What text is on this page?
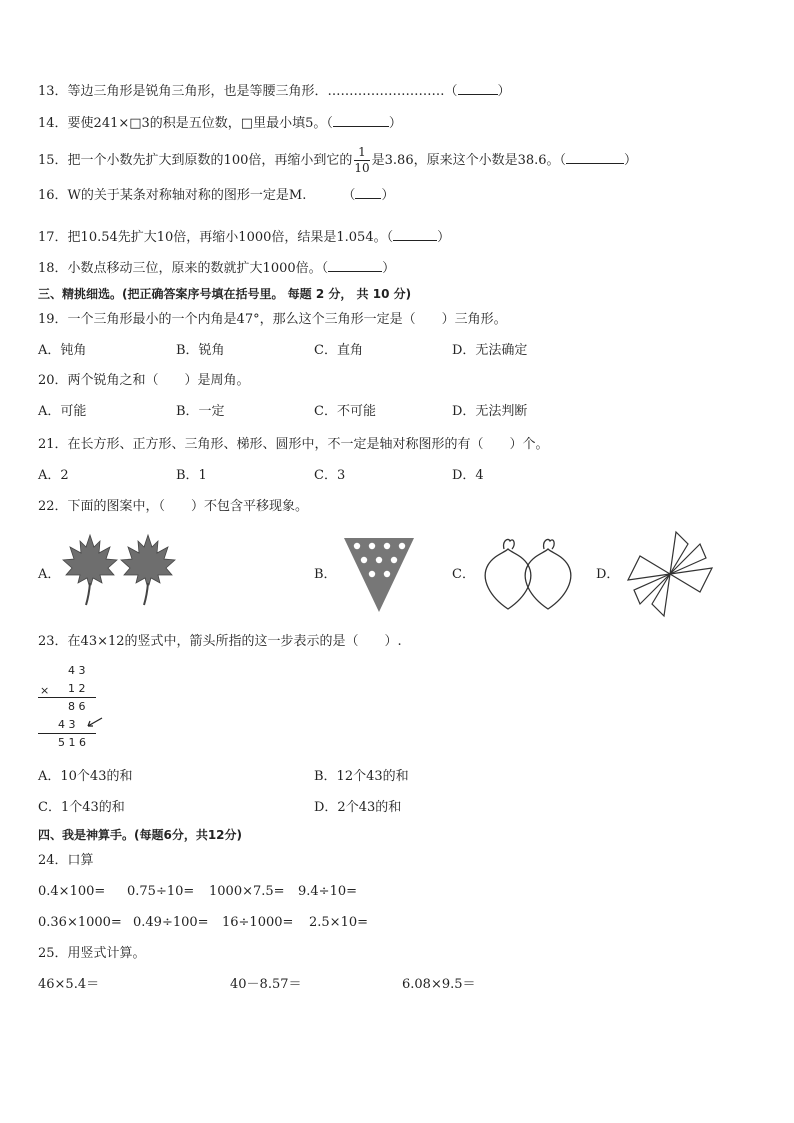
13．等边三角形是锐角三角形，也是等腰三角形．………………………（	）
14．要使241×□3的积是五位数，□里最小填5。（	）
15．把一个小数先扩大到原数的100倍，再缩小到它的 $\frac{1}{10}$ 是3.86，原来这个小数是38.6。（	）
16．W的关于某条对称轴对称的图形一定是M.	（ ）
17．把10.54先扩大10倍，再缩小1000倍，结果是1.054。（	）
18．小数点移动三位，原来的数就扩大1000倍。（	）
三、精挑细选。(把正确答案序号填在括号里。 每题 2 分， 共 10 分)
19．一个三角形最小的一个内角是47°，那么这个三角形一定是（　　）三角形。
A．钝角	B．锐角	C．直角	D．无法确定
20．两个锐角之和（　　）是周角。
A．可能	B．一定	C．不可能	D．无法判断
21．在长方形、正方形、三角形、梯形、圆形中，不一定是轴对称图形的有（　　）个。
A．2	B．1	C．3	D．4
22．下面的图案中，（　　）不包含平移现象。
A．	B．	C．	D．
23．在43×12的竖式中，箭头所指的这一步表示的是（　　）.
4 3
× 1 2
8 6
4 3
5 1 6
A．10个43的和	B．12个43的和
C．1个43的和	D．2个43的和
四、我是神算手。(每题6分，共12分)
24．口算
0.4×100= 0.75÷10= 1000×7.5= 9.4÷10=
0.36×1000= 0.49÷100= 16÷1000= 2.5×10=
25．用竖式计算。
46×5.4＝	40－8.57＝	6.08×9.5＝
